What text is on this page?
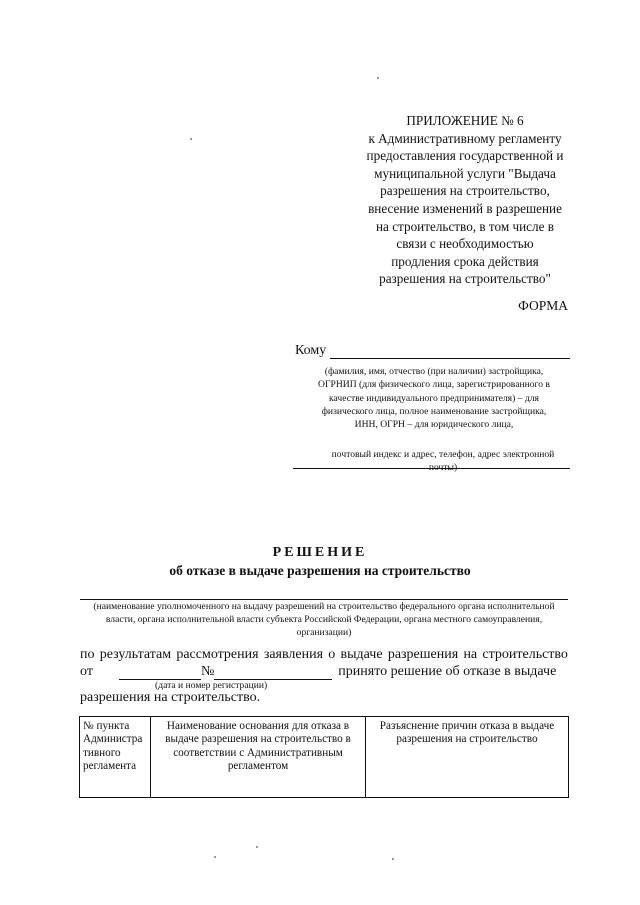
ПРИЛОЖЕНИЕ № 6
к Административному регламенту
предоставления государственной и
муниципальной услуги "Выдача
разрешения на строительство,
внесение изменений в разрешение
на строительство, в том числе в
связи с необходимостью
продления срока действия
разрешения на строительство"
ФОРМА
Кому
(фамилия, имя, отчество (при наличии) застройщика,
ОГРНИП (для физического лица, зарегистрированного в
качестве индивидуального предпринимателя) – для
физического лица, полное наименование застройщика,
ИНН, ОГРН – для юридического лица,
почтовый индекс и адрес, телефон, адрес электронной почты)
РЕШЕНИЕ
об отказе в выдаче разрешения на строительство
(наименование уполномоченного на выдачу разрешений на строительство федерального органа исполнительной
власти, органа исполнительной власти субъекта Российской Федерации, органа местного самоуправления,
организации)
по результатам рассмотрения заявления о выдаче разрешения на строительство
от	№	принято решение об отказе в выдаче
(дата и номер регистрации)
разрешения на строительство.
№ пункта Администра тивного регламента	Наименование основания для отказа в выдаче разрешения на строительство в соответствии с Административным регламентом	Разъяснение причин отказа в выдаче разрешения на строительство
